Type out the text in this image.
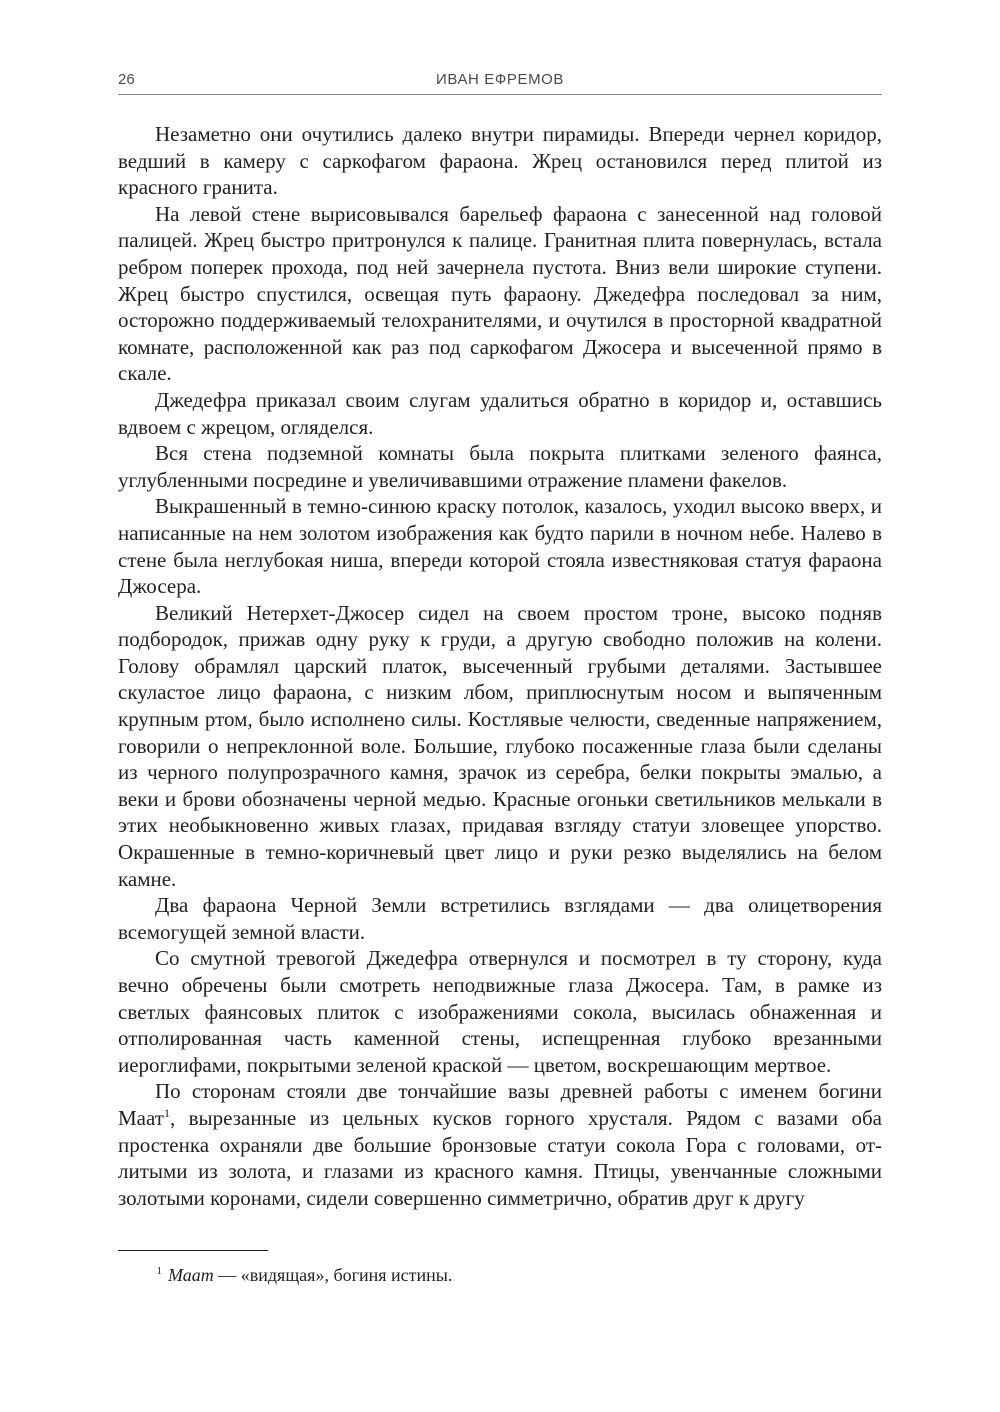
26	ИВАН ЕФРЕМОВ

Незаметно они очутились далеко внутри пирамиды. Впереди чернел коридор, ведший в камеру с саркофагом фараона. Жрец остановился перед плитой из красного гранита.

На левой стене вырисовывался барельеф фараона с занесенной над головой палицей. Жрец быстро притронулся к палице. Гранитная плита повернулась, встала ребром поперек прохода, под ней зачернела пустота. Вниз вели широкие ступени. Жрец быстро спустился, освещая путь фараону. Джедефра последовал за ним, осторожно поддерживаемый телохранителями, и очутился в просторной квадратной комнате, расположенной как раз под саркофагом Джосера и высеченной прямо в скале.

Джедефра приказал своим слугам удалиться обратно в коридор и, оставшись вдвоем с жрецом, огляделся.

Вся стена подземной комнаты была покрыта плитками зеленого фаянса, углубленными посредине и увеличивавшими отражение пламени факелов.

Выкрашенный в темно-синюю краску потолок, казалось, уходил высоко вверх, и написанные на нем золотом изображения как будто парили в ночном небе. Налево в стене была неглубокая ниша, впереди которой стояла известняковая статуя фараона Джосера.

Великий Нетерхет-Джосер сидел на своем простом троне, высоко подняв подбородок, прижав одну руку к груди, а другую свободно положив на колени. Голову обрамлял царский платок, высеченный грубыми деталями. Застывшее скуластое лицо фараона, с низким лбом, приплюснутым носом и выпяченным крупным ртом, было исполнено силы. Костлявые челюсти, сведенные напряжением, говорили о непреклонной воле. Большие, глубоко посаженные глаза были сделаны из черного полупрозрачного камня, зрачок из серебра, белки покрыты эмалью, а веки и брови обозначены черной медью. Красные огоньки светильников мелькали в этих необыкновенно живых глазах, придавая взгляду статуи зловещее упорство. Окрашенные в темно-коричневый цвет лицо и руки резко выделялись на белом камне.

Два фараона Черной Земли встретились взглядами — два олицетворения всемогущей земной власти.

Со смутной тревогой Джедефра отвернулся и посмотрел в ту сторону, куда вечно обречены были смотреть неподвижные глаза Джосера. Там, в рамке из светлых фаянсовых плиток с изображениями сокола, высилась обнаженная и отполированная часть каменной стены, испещренная глубоко врезанными иероглифами, покрытыми зеленой краской — цветом, воскрешающим мертвое.

По сторонам стояли две тончайшие вазы древней работы с именем богини Маат$^1$, вырезанные из цельных кусков горного хрусталя. Рядом с вазами оба простенка охраняли две большие бронзовые статуи сокола Гора с головами, отлитыми из золота, и глазами из красного камня. Птицы, увенчанные сложными золотыми коронами, сидели совершенно симметрично, обратив друг к другу

1 Маат — «видящая», богиня истины.
